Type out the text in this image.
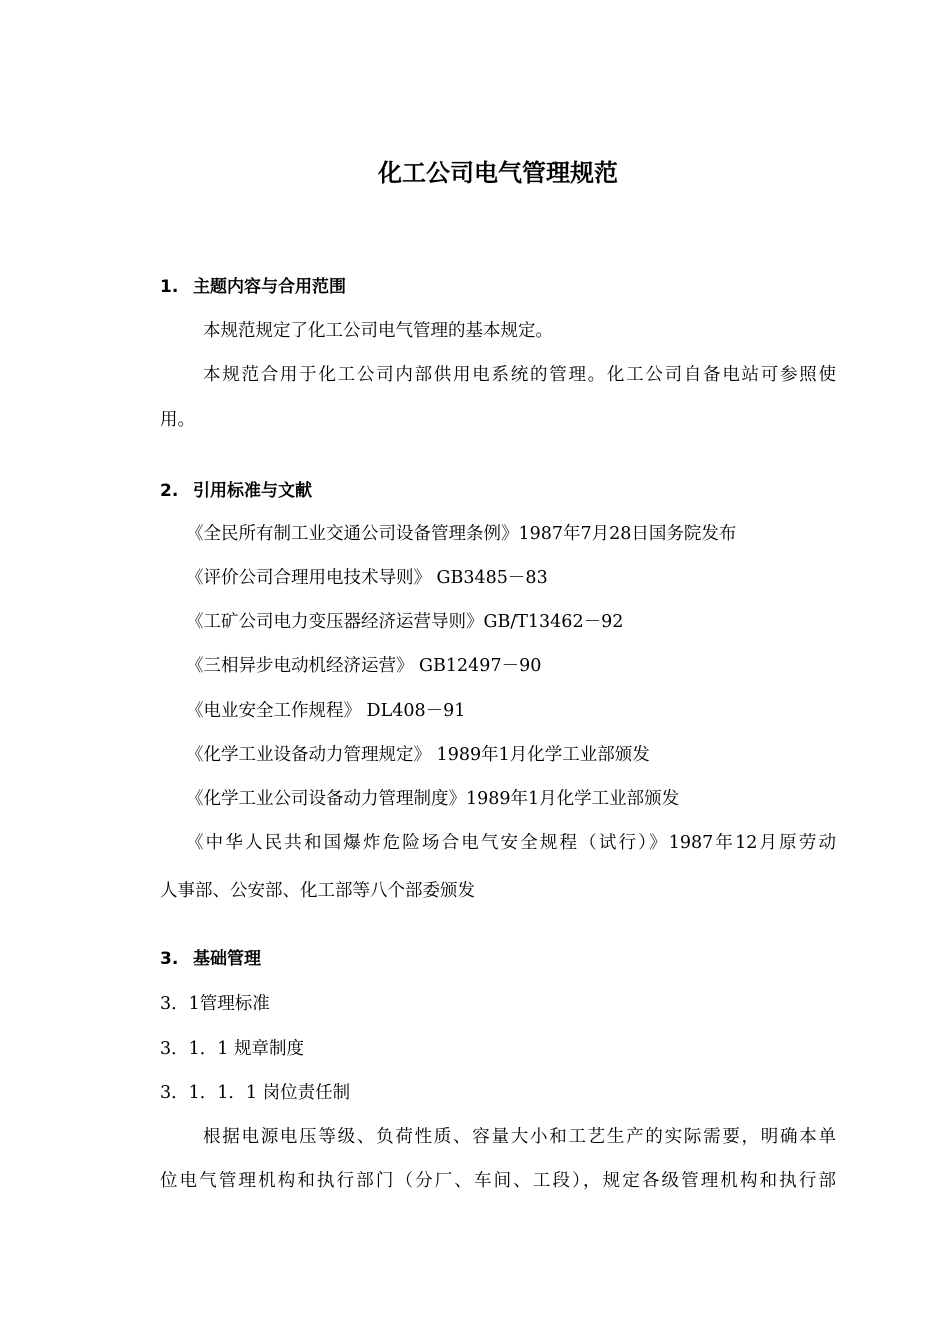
化工公司电气管理规范
1. 主题内容与合用范围
本规范规定了化工公司电气管理的基本规定。
本规范合用于化工公司内部供用电系统的管理。化工公司自备电站可参照使
用。
2. 引用标准与文献
《全民所有制工业交通公司设备管理条例》1987年7月28日国务院发布
《评价公司合理用电技术导则》 GB3485－83
《工矿公司电力变压器经济运营导则》GB/T13462－92
《三相异步电动机经济运营》 GB12497－90
《电业安全工作规程》 DL408－91
《化学工业设备动力管理规定》 1989年1月化学工业部颁发
《化学工业公司设备动力管理制度》1989年1月化学工业部颁发
《中华人民共和国爆炸危险场合电气安全规程（试行）》1987年12月原劳动
人事部、公安部、化工部等八个部委颁发
3. 基础管理
3．1管理标准
3．1．1 规章制度
3．1．1．1 岗位责任制
根据电源电压等级、负荷性质、容量大小和工艺生产的实际需要，明确本单
位电气管理机构和执行部门（分厂、车间、工段），规定各级管理机构和执行部
